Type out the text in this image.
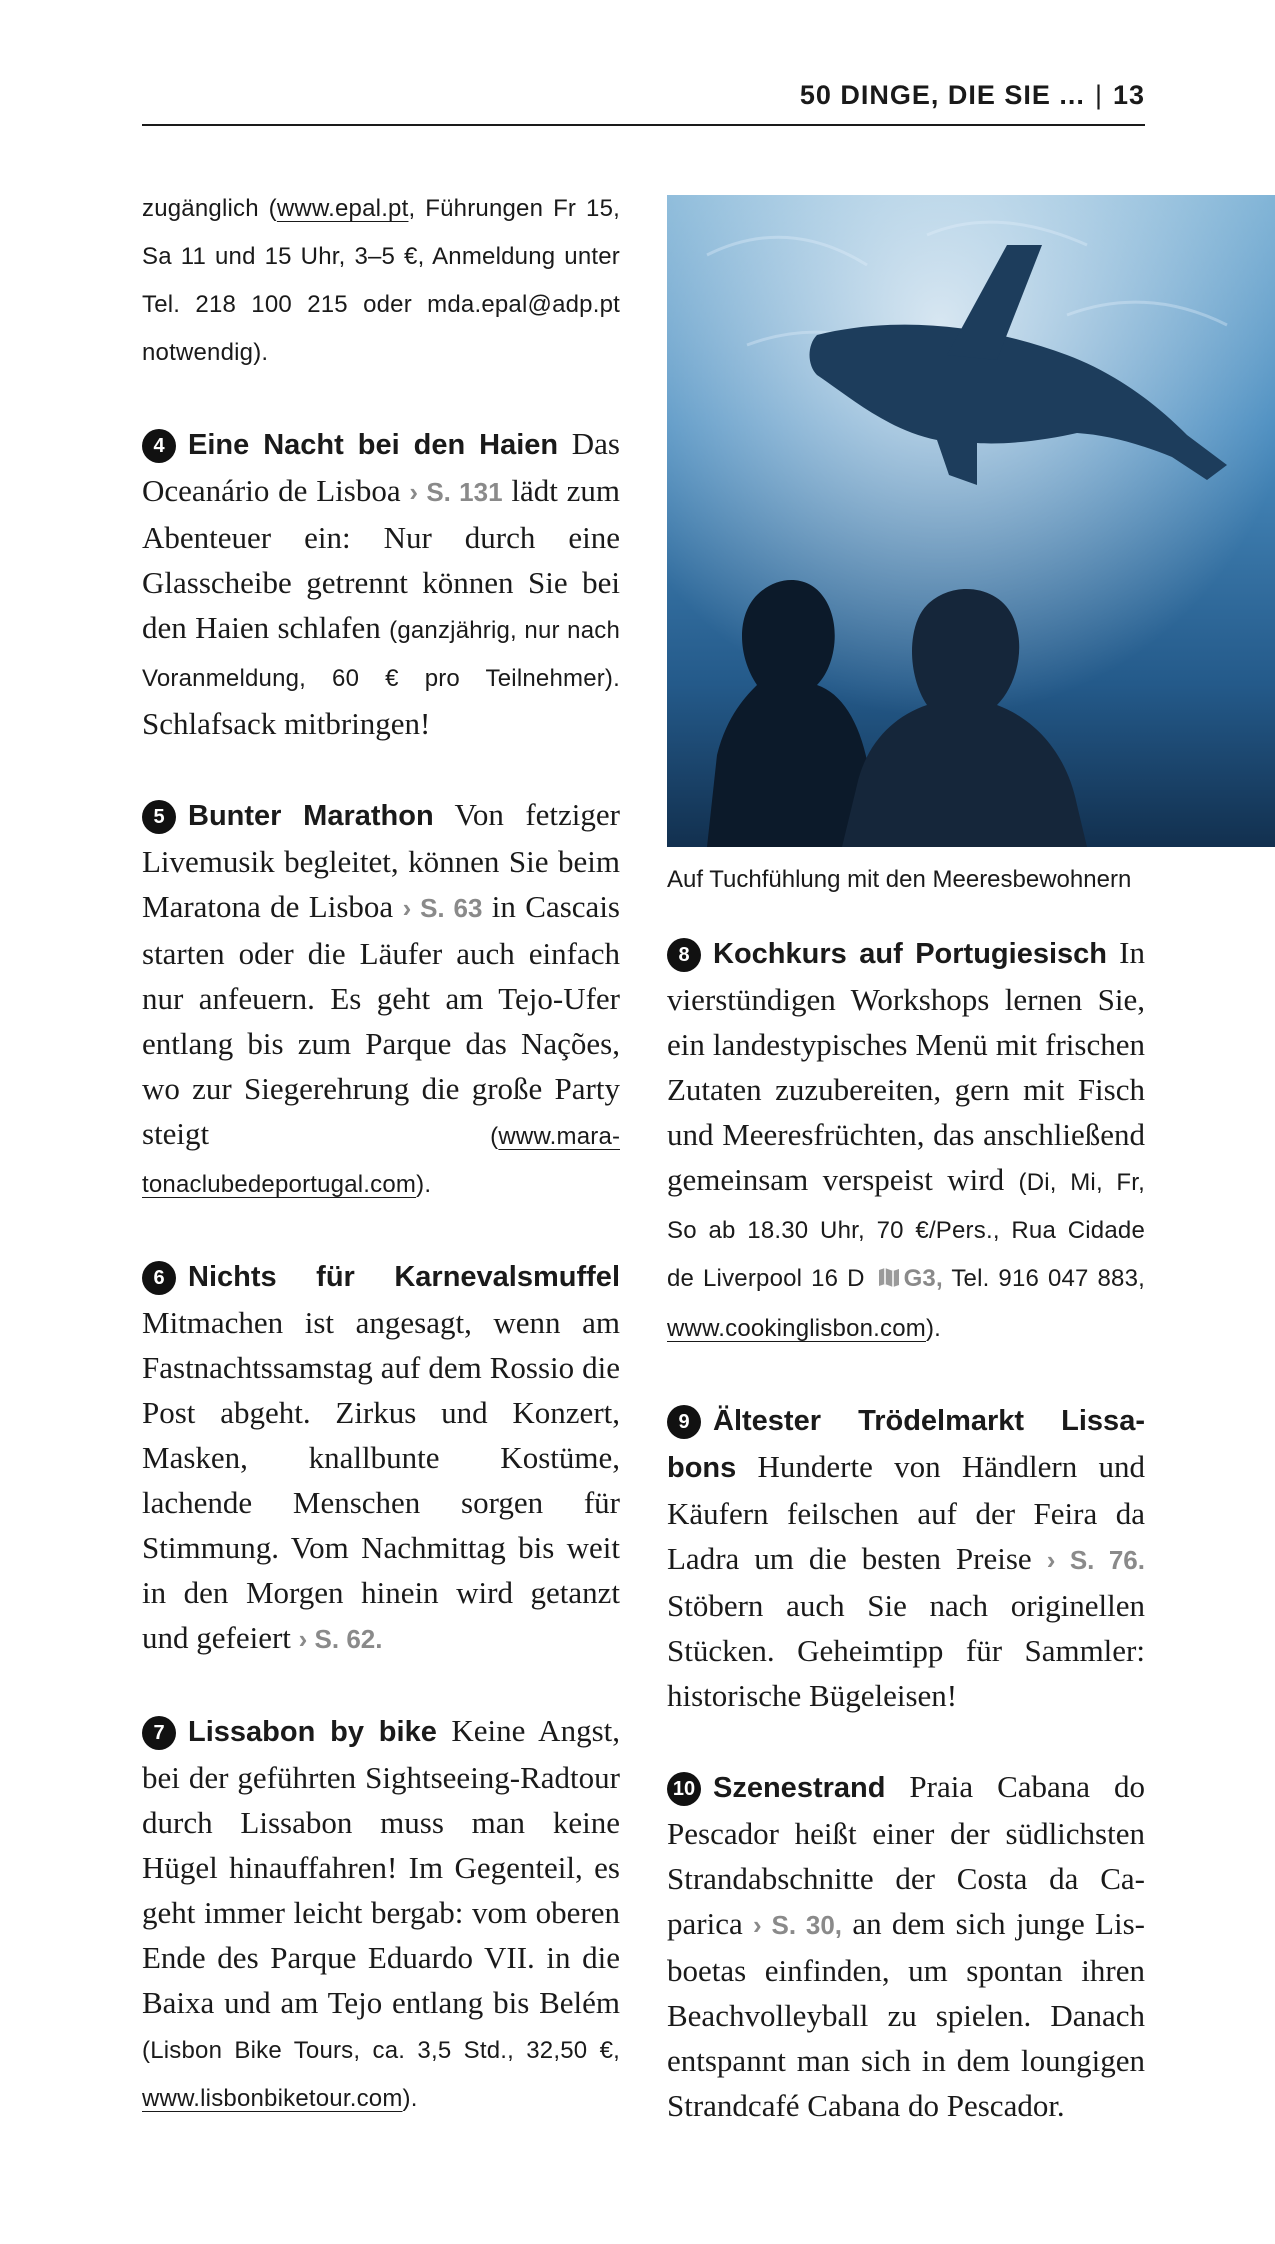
50 DINGE, DIE SIE ... | 13

zugänglich (www.epal.pt, Führungen Fr 15, Sa 11 und 15 Uhr, 3–5 €, Anmeldung unter Tel. 218 100 215 oder mda.epal@adp.pt notwendig).

4 Eine Nacht bei den Haien Das Oceanário de Lisboa › S. 131 lädt zum Abenteuer ein: Nur durch eine Glasscheibe getrennt können Sie bei den Haien schlafen (ganzjährig, nur nach Voranmeldung, 60 € pro Teilnehmer). Schlafsack mitbringen!

5 Bunter Marathon Von fetziger Livemusik begleitet, können Sie beim Maratona de Lisboa › S. 63 in Cascais starten oder die Läufer auch einfach nur anfeuern. Es geht am Tejo-Ufer entlang bis zum Parque das Nações, wo zur Siegerehrung die große Party steigt (www.maratonaclubedeportugal.com).

6 Nichts für Karnevalsmuffel Mitmachen ist angesagt, wenn am Fastnachtssamstag auf dem Rossio die Post abgeht. Zirkus und Konzert, Masken, knallbunte Kostüme, lachende Menschen sorgen für Stimmung. Vom Nachmittag bis weit in den Morgen hinein wird getanzt und gefeiert › S. 62.

7 Lissabon by bike Keine Angst, bei der geführten Sightseeing-Radtour durch Lissabon muss man keine Hügel hinauffahren! Im Gegenteil, es geht immer leicht bergab: vom oberen Ende des Parque Eduardo VII. in die Baixa und am Tejo entlang bis Belém (Lisbon Bike Tours, ca. 3,5 Std., 32,50 €, www.lisbonbiketour.com).

Auf Tuchfühlung mit den Meeresbewohnern

8 Kochkurs auf Portugiesisch In vierstündigen Workshops lernen Sie, ein landestypisches Menü mit frischen Zutaten zuzubereiten, gern mit Fisch und Meeresfrüchten, das anschließend gemeinsam verspeist wird (Di, Mi, Fr, So ab 18.30 Uhr, 70 €/Pers., Rua Cidade de Liverpool 16 D G3, Tel. 916 047 883, www.cookinglisbon.com).

9 Ältester Trödelmarkt Lissabons Hunderte von Händlern und Käufern feilschen auf der Feira da Ladra um die besten Preise › S. 76. Stöbern auch Sie nach originellen Stücken. Geheimtipp für Sammler: historische Bügeleisen!

10 Szenestrand Praia Cabana do Pescador heißt einer der südlichsten Strandabschnitte der Costa da Caparica › S. 30, an dem sich junge Lisboetas einfinden, um spontan ihren Beachvolleyball zu spielen. Danach entspannt man sich in dem loungigen Strandcafé Cabana do Pescador.
